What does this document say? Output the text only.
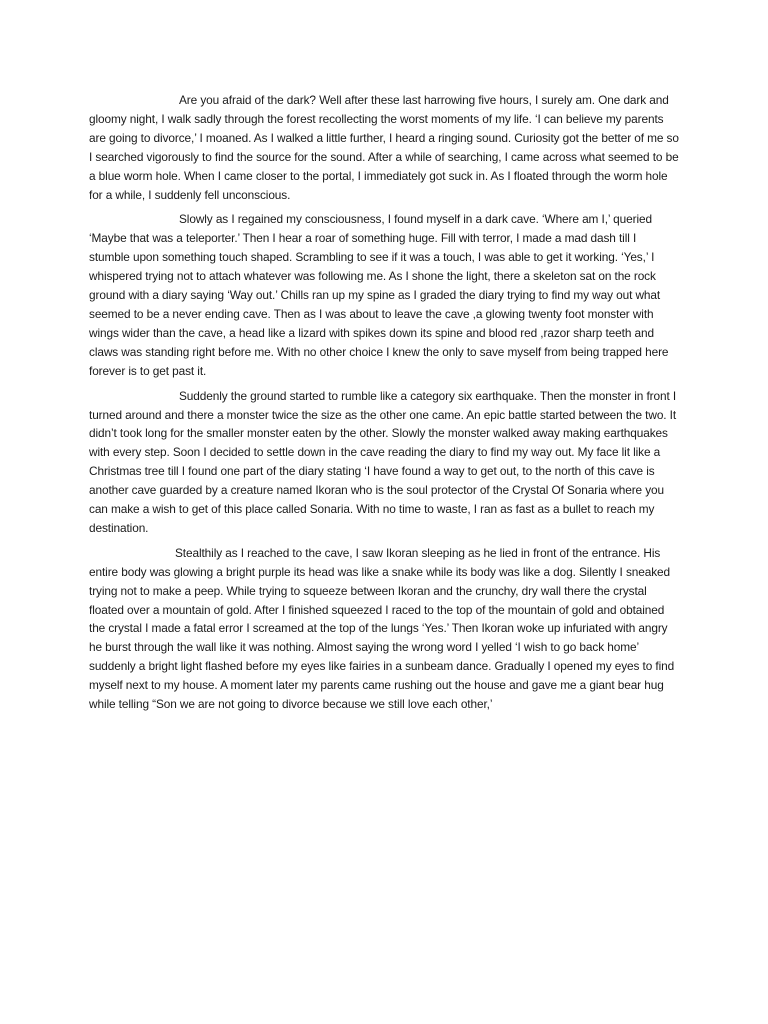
Are you afraid of the dark? Well after these last harrowing five hours, I surely am. One dark and gloomy night, I walk sadly through the forest recollecting the worst moments of my life. ‘I can believe my parents are going to divorce,’ I moaned. As I walked a little further, I heard a ringing sound. Curiosity got the better of me so I searched vigorously to find the source for the sound. After a while of searching, I came across what seemed to be a blue worm hole. When I came closer to the portal, I immediately got suck in. As I floated through the worm hole for a while, I suddenly fell unconscious.

Slowly as I regained my consciousness, I found myself in a dark cave. ‘Where am I,’ queried ‘Maybe that was a teleporter.’ Then I hear a roar of something huge. Fill with terror, I made a mad dash till I stumble upon something touch shaped. Scrambling to see if it was a touch, I was able to get it working. ‘Yes,’ I whispered trying not to attach whatever was following me. As I shone the light, there a skeleton sat on the rock ground with a diary saying ‘Way out.’ Chills ran up my spine as I graded the diary trying to find my way out what seemed to be a never ending cave. Then as I was about to leave the cave ,a glowing twenty foot monster with wings wider than the cave, a head like a lizard with spikes down its spine and blood red ,razor sharp teeth and claws was standing right before me. With no other choice I knew the only to save myself from being trapped here forever is to get past it.

Suddenly the ground started to rumble like a category six earthquake. Then the monster in front I turned around and there a monster twice the size as the other one came. An epic battle started between the two. It didn’t took long for the smaller monster eaten by the other. Slowly the monster walked away making earthquakes with every step. Soon I decided to settle down in the cave reading the diary to find my way out. My face lit like a Christmas tree till I found one part of the diary stating ‘I have found a way to get out, to the north of this cave is another cave guarded by a creature named Ikoran who is the soul protector of the Crystal Of Sonaria where you can make a wish to get of this place called Sonaria. With no time to waste, I ran as fast as a bullet to reach my destination.

Stealthily as I reached to the cave, I saw Ikoran sleeping as he lied in front of the entrance. His entire body was glowing a bright purple its head was like a snake while its body was like a dog. Silently I sneaked trying not to make a peep. While trying to squeeze between Ikoran and the crunchy, dry wall there the crystal floated over a mountain of gold. After I finished squeezed I raced to the top of the mountain of gold and obtained the crystal I made a fatal error I screamed at the top of the lungs ‘Yes.’ Then Ikoran woke up infuriated with angry he burst through the wall like it was nothing. Almost saying the wrong word I yelled ‘I wish to go back home’ suddenly a bright light flashed before my eyes like fairies in a sunbeam dance. Gradually I opened my eyes to find myself next to my house. A moment later my parents came rushing out the house and gave me a giant bear hug while telling “Son we are not going to divorce because we still love each other,’
